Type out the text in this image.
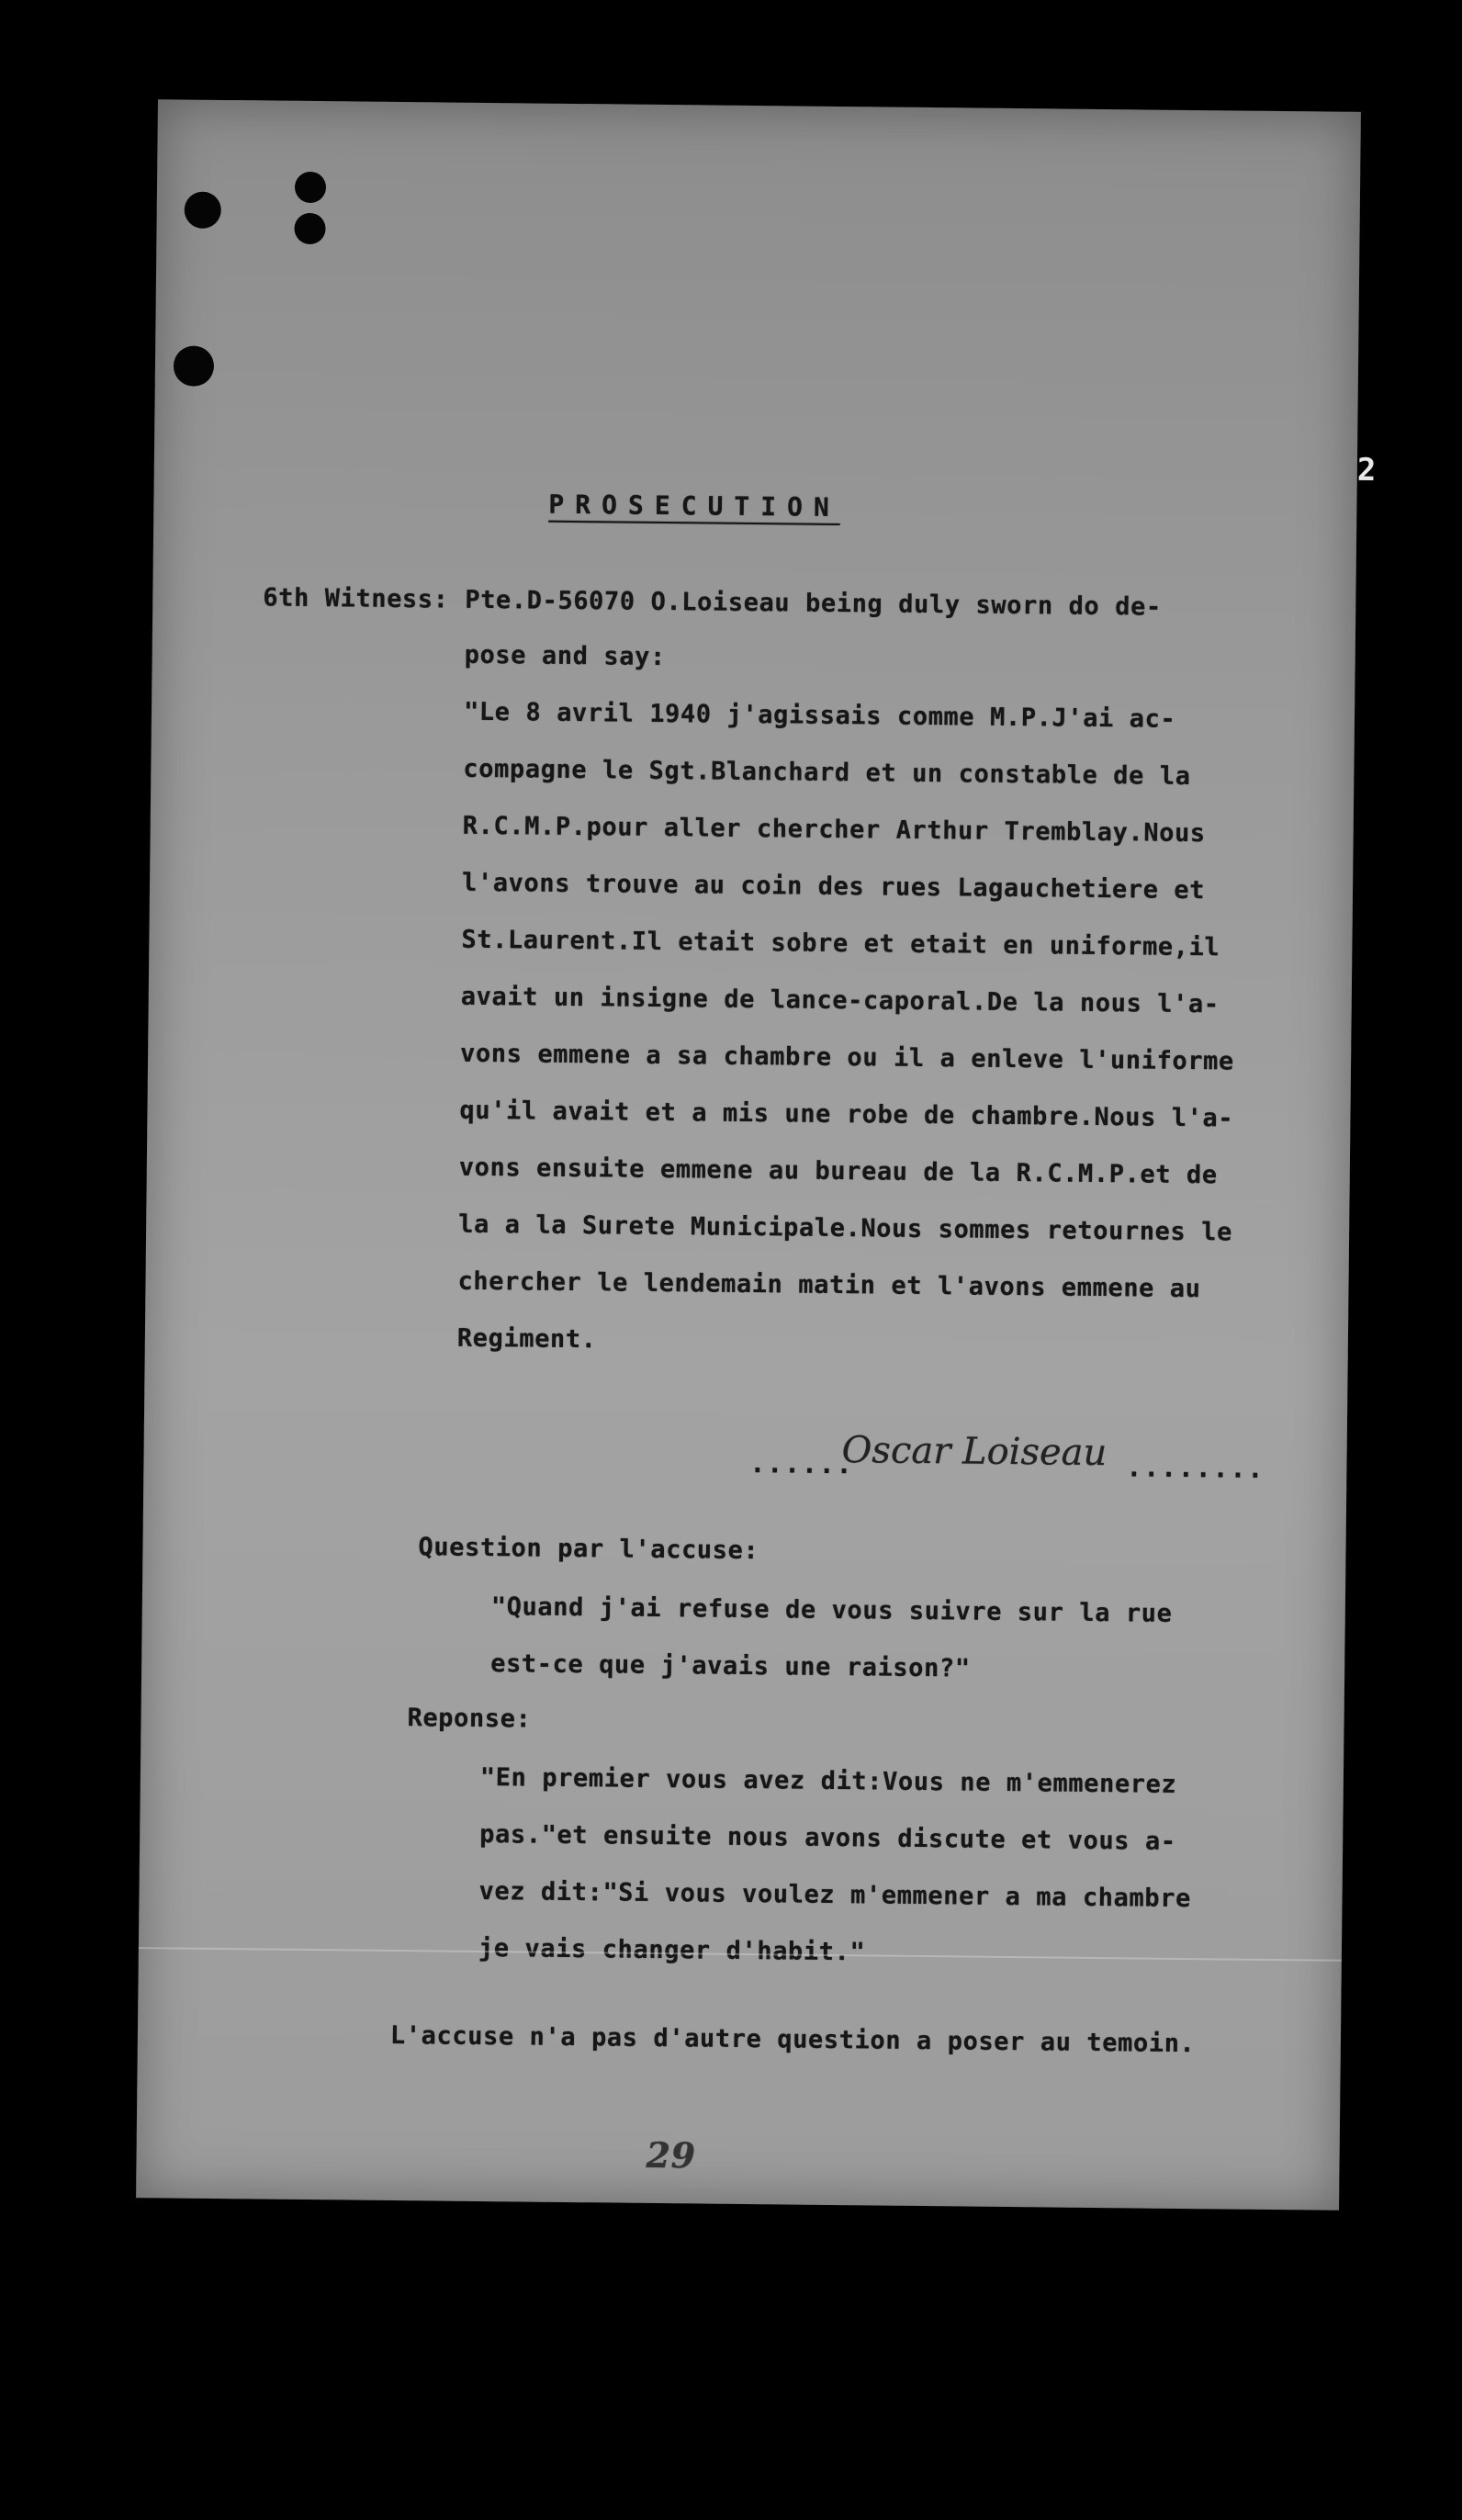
2
PROSECUTION
6th Witness: Pte.D-56070 O.Loiseau being duly sworn do de-
pose and say:
"Le 8 avril 1940 j'agissais comme M.P.J'ai ac-
compagne le Sgt.Blanchard et un constable de la
R.C.M.P.pour aller chercher Arthur Tremblay.Nous
l'avons trouve au coin des rues Lagauchetiere et
St.Laurent.Il etait sobre et etait en uniforme,il
avait un insigne de lance-caporal.De la nous l'a-
vons emmene a sa chambre ou il a enleve l'uniforme
qu'il avait et a mis une robe de chambre.Nous l'a-
vons ensuite emmene au bureau de la R.C.M.P.et de
la a la Surete Municipale.Nous sommes retournes le
chercher le lendemain matin et l'avons emmene au
Regiment.
......
Oscar Loiseau ........
Question par l'accuse:
"Quand j'ai refuse de vous suivre sur la rue
est-ce que j'avais une raison?"
Reponse:
"En premier vous avez dit:Vous ne m'emmenerez
pas."et ensuite nous avons discute et vous a-
vez dit:"Si vous voulez m'emmener a ma chambre
je vais changer d'habit."
L'accuse n'a pas d'autre question a poser au temoin.
29
